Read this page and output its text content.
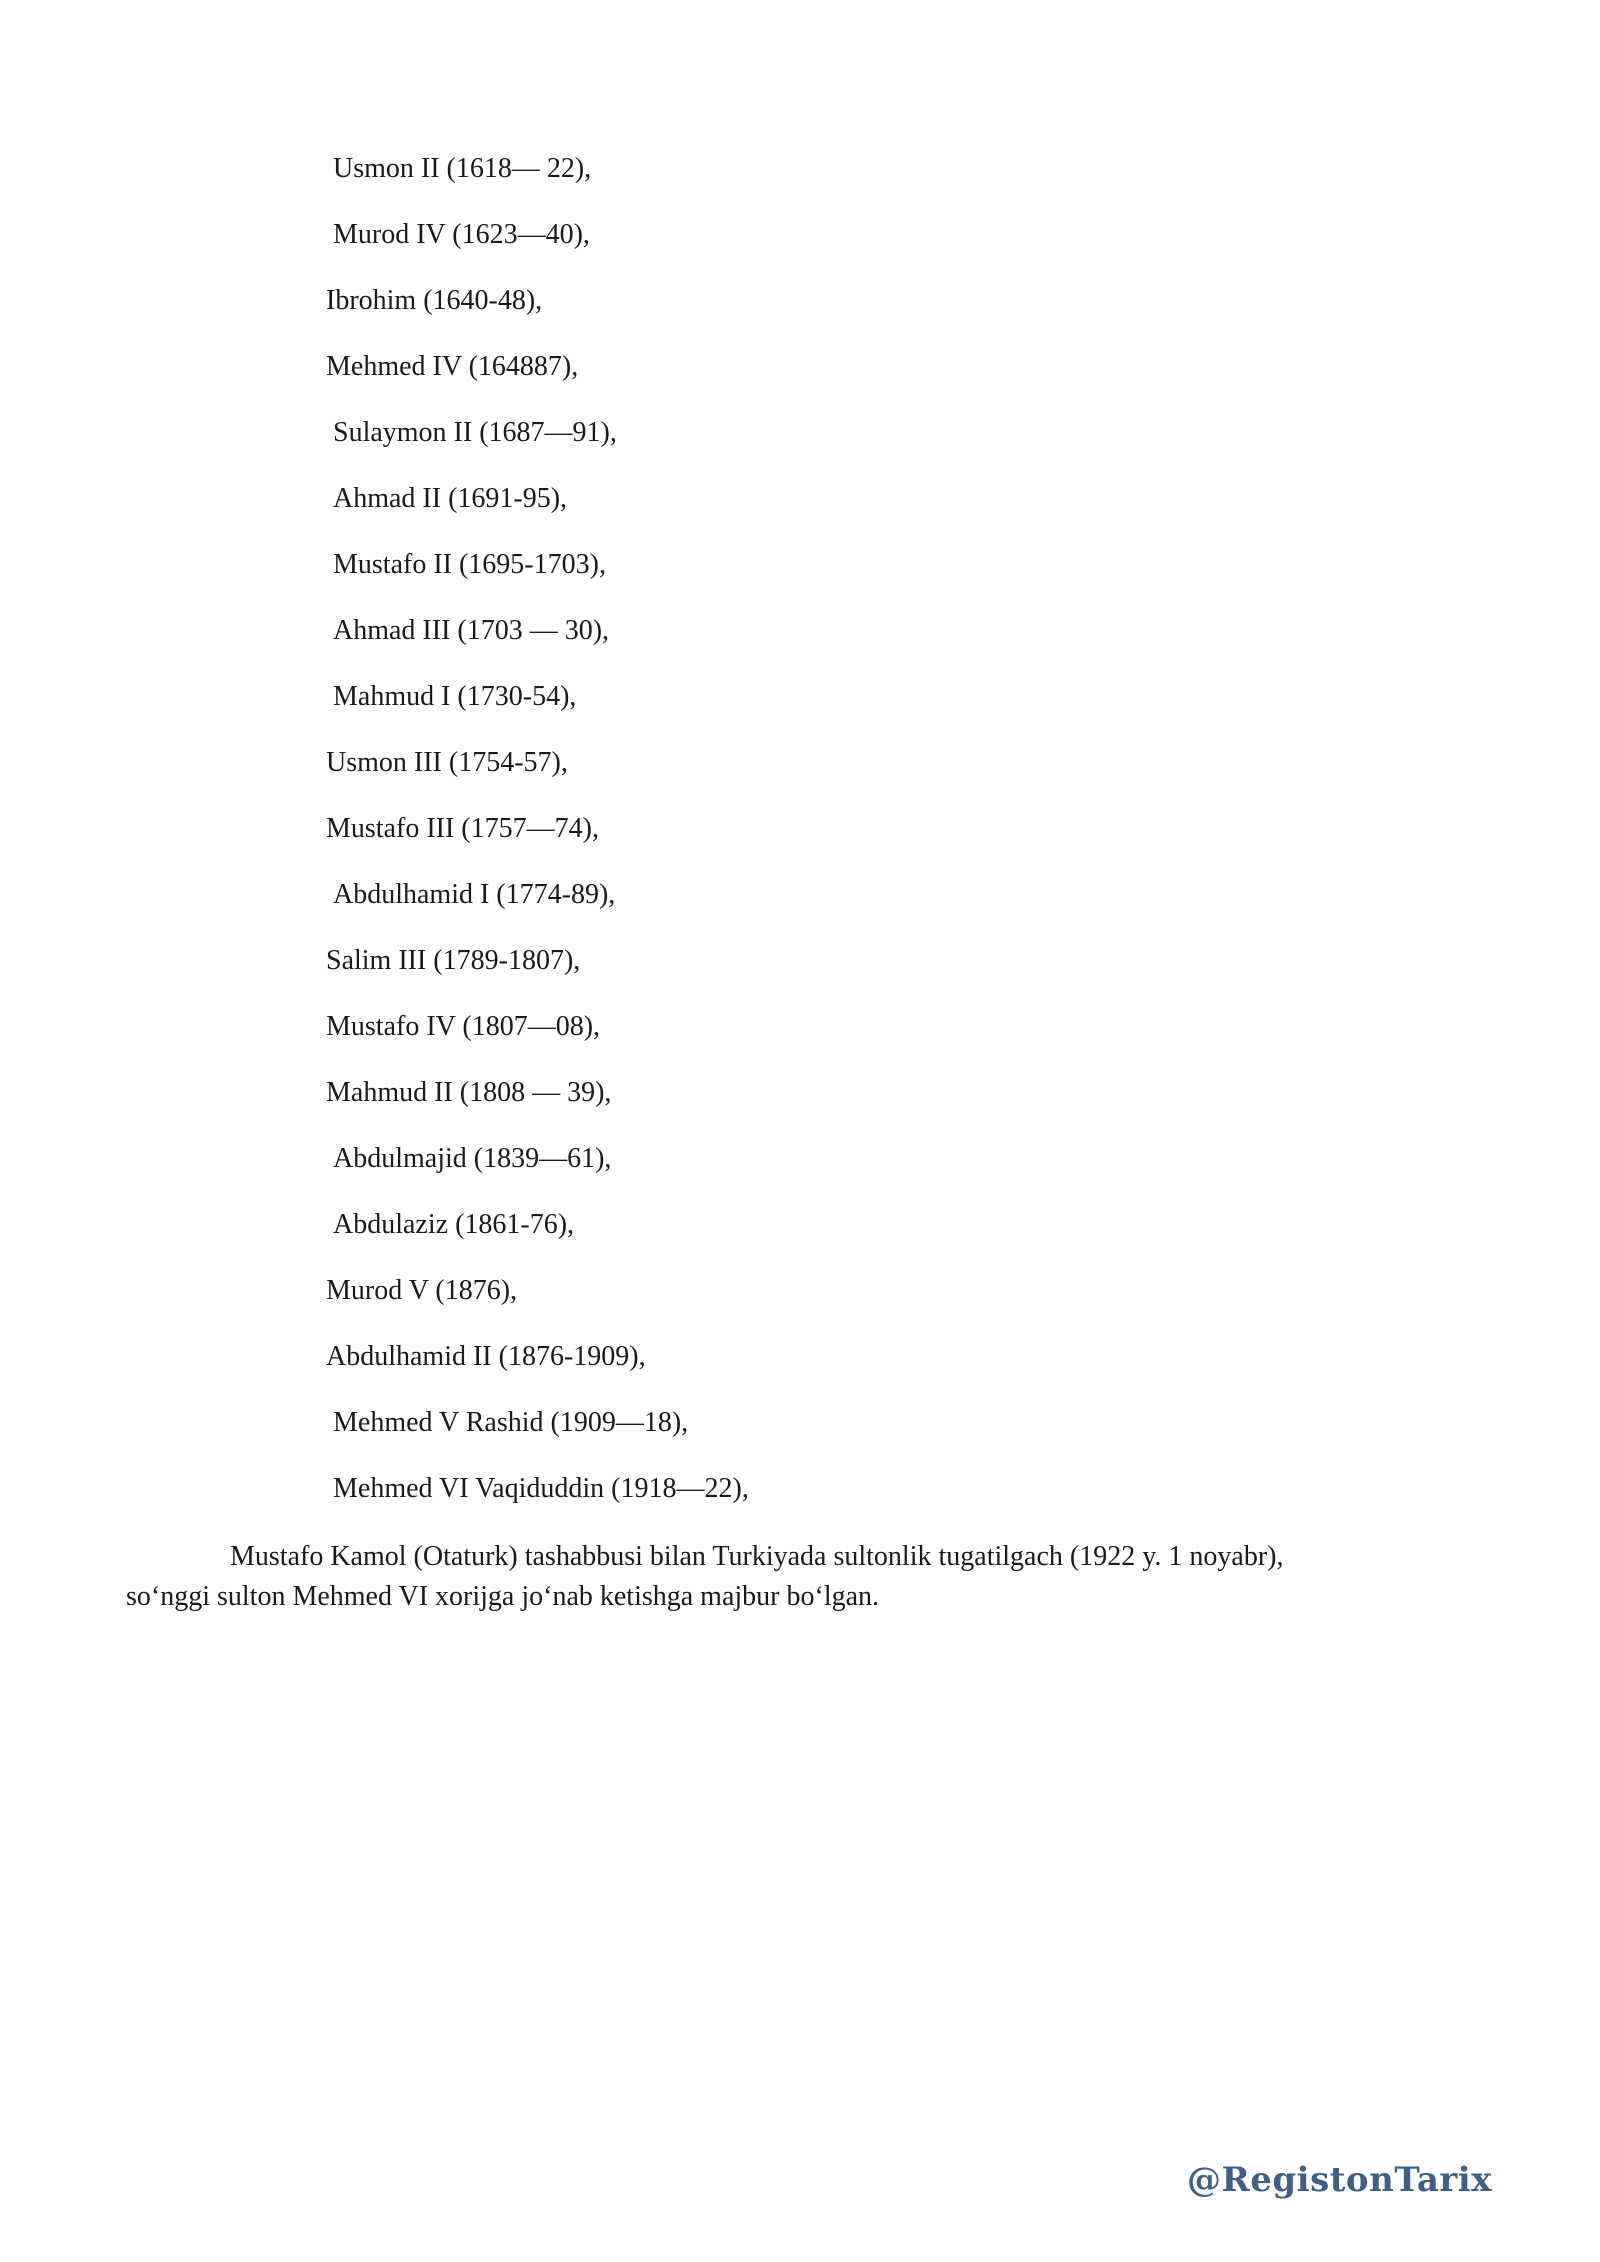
Usmon II (1618— 22),
Murod IV (1623—40),
Ibrohim (1640-48),
Mehmed IV (164887),
Sulaymon II (1687—91),
Ahmad II (1691-95),
Mustafo II (1695-1703),
Ahmad III (1703 — 30),
Mahmud I (1730-54),
Usmon III (1754-57),
Mustafo III (1757—74),
Abdulhamid I (1774-89),
Salim III (1789-1807),
Mustafo IV (1807—08),
Mahmud II (1808 — 39),
Abdulmajid (1839—61),
Abdulaziz (1861-76),
Murod V (1876),
Abdulhamid II (1876-1909),
Mehmed V Rashid (1909—18),
Mehmed VI Vaqiduddin (1918—22),
Mustafo Kamol (Otaturk) tashabbusi bilan Turkiyada sultonlik tugatilgach (1922 y. 1 noyabr), so‘nggi sulton Mehmed VI xorijga jo‘nab ketishga majbur bo‘lgan.
@RegistonTarix
